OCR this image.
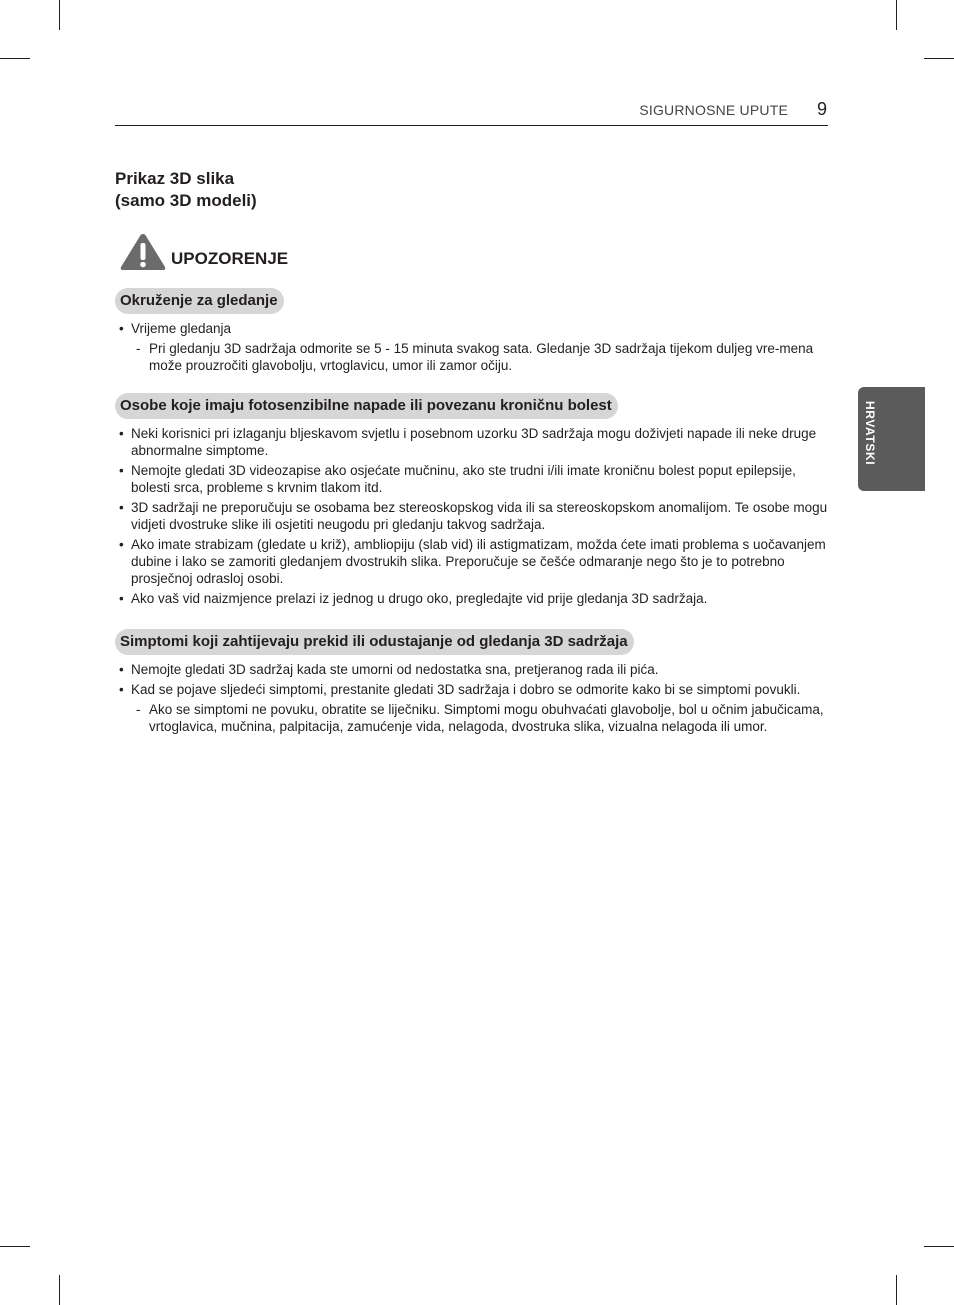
SIGURNOSNE UPUTE 9
HRVATSKI
Prikaz 3D slika
(samo 3D modeli)
UPOZORENJE
Okruženje za gledanje
• Vrijeme gledanja
- Pri gledanju 3D sadržaja odmorite se 5 - 15 minuta svakog sata. Gledanje 3D sadržaja tijekom duljeg vre-mena može prouzročiti glavobolju, vrtoglavicu, umor ili zamor očiju.
Osobe koje imaju fotosenzibilne napade ili povezanu kroničnu bolest
• Neki korisnici pri izlaganju bljeskavom svjetlu i posebnom uzorku 3D sadržaja mogu doživjeti napade ili neke druge abnormalne simptome.
• Nemojte gledati 3D videozapise ako osjećate mučninu, ako ste trudni i/ili imate kroničnu bolest poput epilepsije, bolesti srca, probleme s krvnim tlakom itd.
• 3D sadržaji ne preporučuju se osobama bez stereoskopskog vida ili sa stereoskopskom anomalijom. Te osobe mogu vidjeti dvostruke slike ili osjetiti neugodu pri gledanju takvog sadržaja.
• Ako imate strabizam (gledate u križ), ambliopiju (slab vid) ili astigmatizam, možda ćete imati problema s uočavanjem dubine i lako se zamoriti gledanjem dvostrukih slika. Preporučuje se češće odmaranje nego što je to potrebno prosječnoj odrasloj osobi.
• Ako vaš vid naizmjence prelazi iz jednog u drugo oko, pregledajte vid prije gledanja 3D sadržaja.
Simptomi koji zahtijevaju prekid ili odustajanje od gledanja 3D sadržaja
• Nemojte gledati 3D sadržaj kada ste umorni od nedostatka sna, pretjeranog rada ili pića.
• Kad se pojave sljedeći simptomi, prestanite gledati 3D sadržaja i dobro se odmorite kako bi se simptomi povukli.
- Ako se simptomi ne povuku, obratite se liječniku. Simptomi mogu obuhvaćati glavobolje, bol u očnim jabučicama, vrtoglavica, mučnina, palpitacija, zamućenje vida, nelagoda, dvostruka slika, vizualna nelagoda ili umor.
